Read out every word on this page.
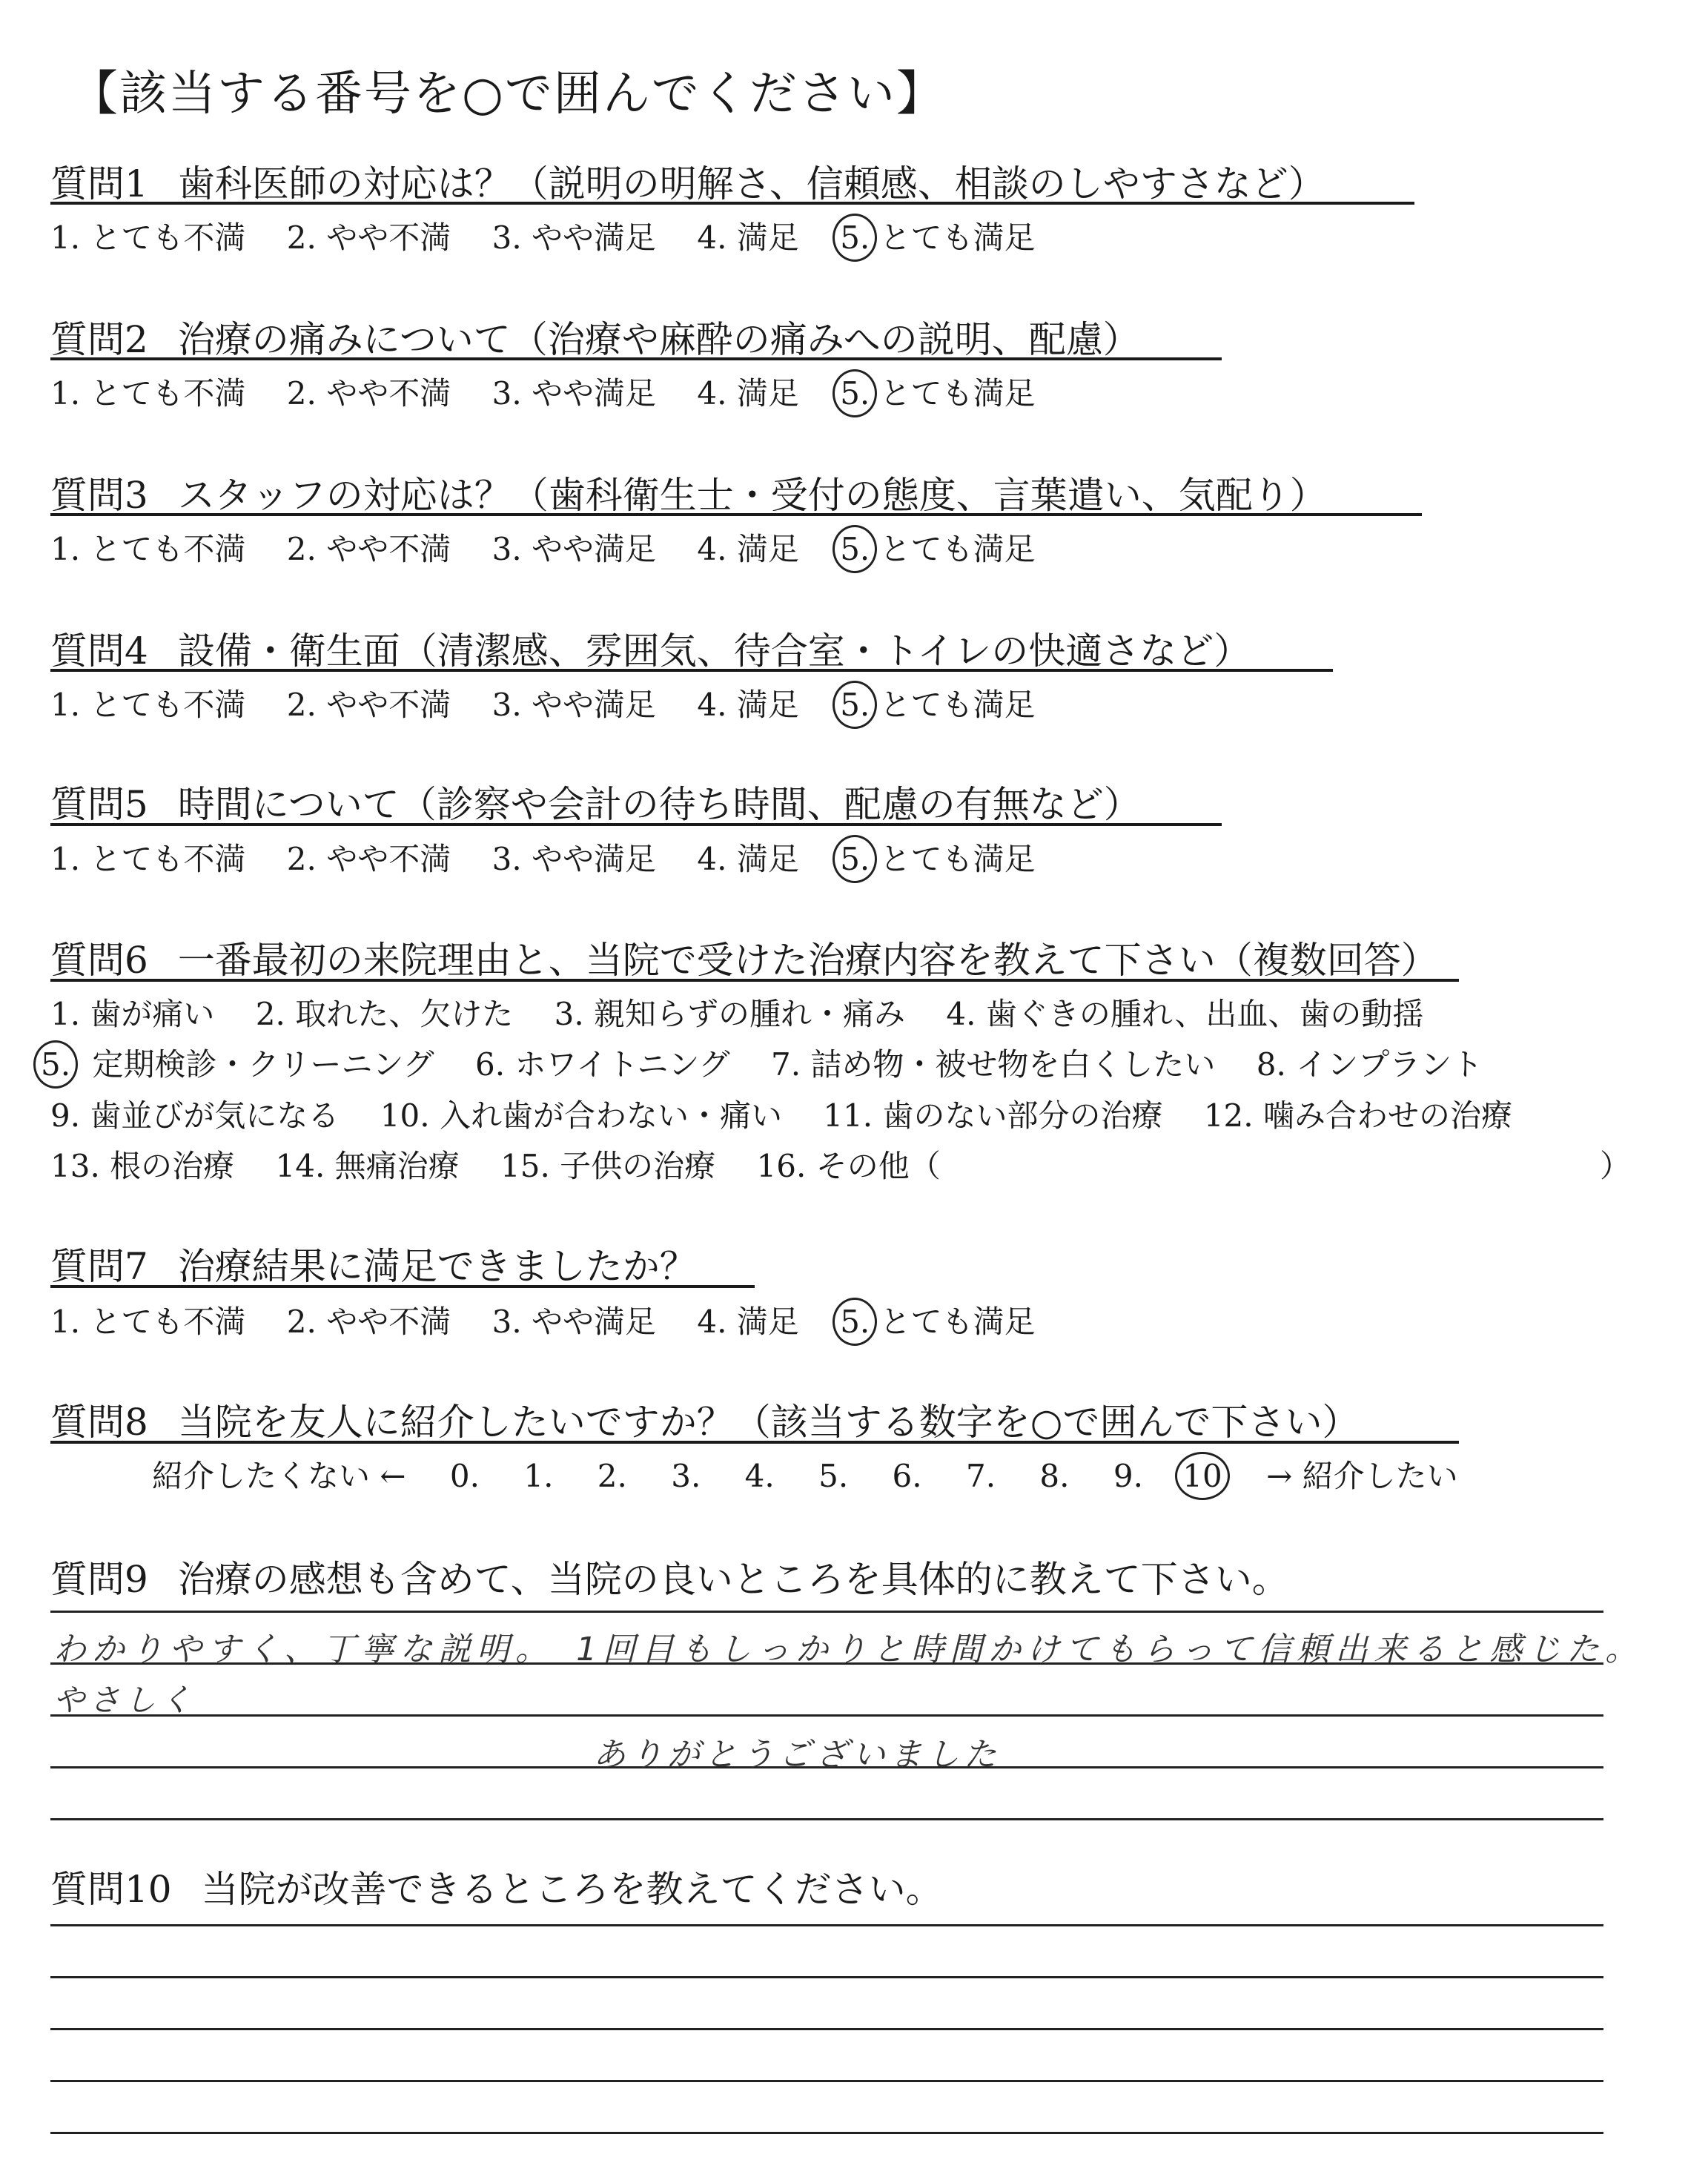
【該当する番号を○で囲んでください】
質問1 歯科医師の対応は？（説明の明解さ、信頼感、相談のしやすさなど）
1. とても不満　 2. やや不満　 3. やや満足　 4. 満足　 5. とても満足
質問2 治療の痛みについて（治療や麻酔の痛みへの説明、配慮）
1. とても不満　 2. やや不満　 3. やや満足　 4. 満足　 5. とても満足
質問3 スタッフの対応は？（歯科衛生士・受付の態度、言葉遣い、気配り）
1. とても不満　 2. やや不満　 3. やや満足　 4. 満足　 5. とても満足
質問4 設備・衛生面（清潔感、雰囲気、待合室・トイレの快適さなど）
1. とても不満　 2. やや不満　 3. やや満足　 4. 満足　 5. とても満足
質問5 時間について（診察や会計の待ち時間、配慮の有無など）
1. とても不満　 2. やや不満　 3. やや満足　 4. 満足　 5. とても満足
質問6 一番最初の来院理由と、当院で受けた治療内容を教えて下さい（複数回答）
1. 歯が痛い 2. 取れた、欠けた 3. 親知らずの腫れ・痛み 4. 歯ぐきの腫れ、出血、歯の動揺
5. 定期検診・クリーニング 6. ホワイトニング 7. 詰め物・被せ物を白くしたい 8. インプラント
9. 歯並びが気になる 10. 入れ歯が合わない・痛い 11. 歯のない部分の治療 12. 噛み合わせの治療
13. 根の治療 14. 無痛治療 15. 子供の治療 16. その他（	）
質問7 治療結果に満足できましたか？
1. とても不満　 2. やや不満　 3. やや満足　 4. 満足　 5. とても満足
質問8 当院を友人に紹介したいですか？（該当する数字を○で囲んで下さい）
紹介したくない ← 0. 1. 2. 3. 4. 5. 6. 7. 8. 9. 10 → 紹介したい
質問9 治療の感想も含めて、当院の良いところを具体的に教えて下さい。
わかりやすく、丁寧な説明。　1回目もしっかりと時間かけてもらって信頼出来ると感じた。
やさしく
ありがとうございました
質問10 当院が改善できるところを教えてください。
